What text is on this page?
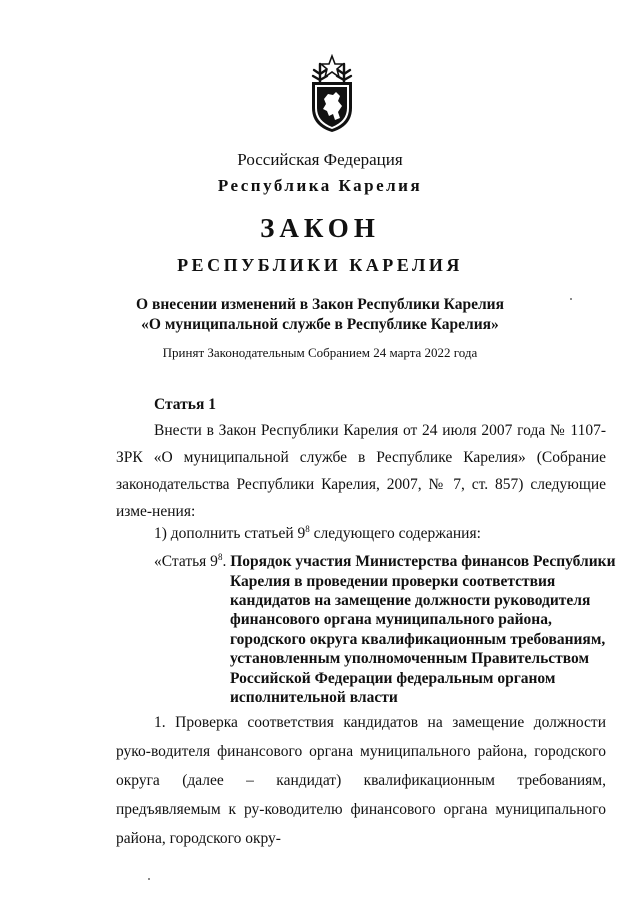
Российская Федерация
Республика Карелия
ЗАКОН
РЕСПУБЛИКИ КАРЕЛИЯ
О внесении изменений в Закон Республики Карелия
«О муниципальной службе в Республике Карелия»
Принят Законодательным Собранием 24 марта 2022 года
Статья 1
Внести в Закон Республики Карелия от 24 июля 2007 года № 1107-ЗРК «О муниципальной службе в Республике Карелия» (Собрание законодательства Республики Карелия, 2007, № 7, ст. 857) следующие изме-нения:
1) дополнить статьей $9^8$ следующего содержания:
«Статья $9^8$. Порядок участия Министерства финансов Республики
Карелия в проведении проверки соответствия
кандидатов на замещение должности руководителя
финансового органа муниципального района,
городского округа квалификационным требованиям,
установленным уполномоченным Правительством
Российской Федерации федеральным органом
исполнительной власти
1. Проверка соответствия кандидатов на замещение должности руко-водителя финансового органа муниципального района, городского округа (далее – кандидат) квалификационным требованиям, предъявляемым к ру-ководителю финансового органа муниципального района, городского окру-
